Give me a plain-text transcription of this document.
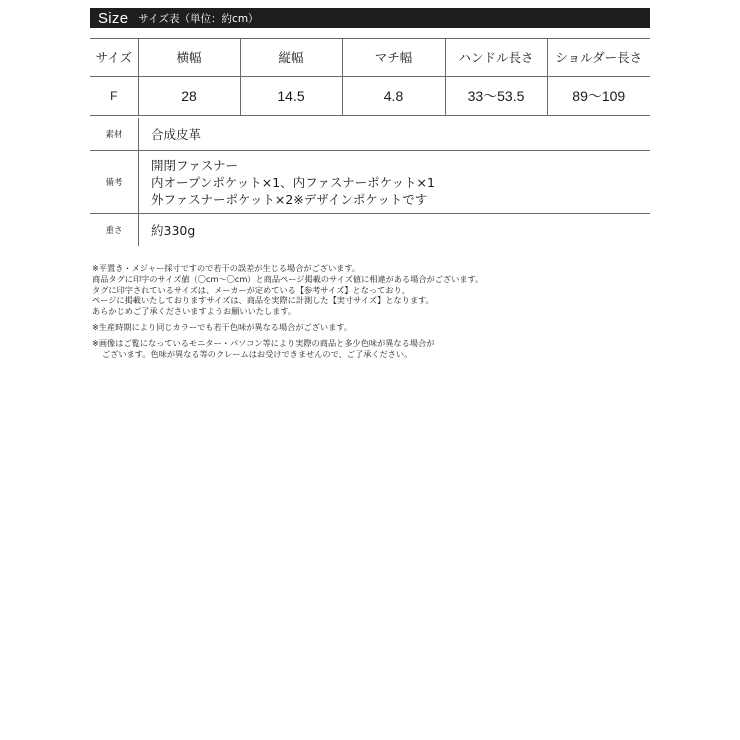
Size サイズ表（単位：約cm）
サイズ	横幅	縦幅	マチ幅	ハンドル長さ	ショルダー長さ
F	28	14.5	4.8	33〜53.5	89〜109
素材	合成皮革
備考	開閉ファスナー
内オープンポケット×1、内ファスナーポケット×1
外ファスナーポケット×2※デザインポケットです

重さ	約330g

※平置き・メジャー採寸ですので若干の誤差が生じる場合がございます。

商品タグに印字のサイズ値（〇cm〜〇cm）と商品ページ掲載のサイズ値に相違がある場合がございます。

タグに印字されているサイズは、メーカーが定めている【参考サイズ】となっており、

ページに掲載いたしておりますサイズは、商品を実際に計測した【実寸サイズ】となります。

あらかじめご了承くださいますようお願いいたします。

※生産時期により同じカラーでも若干色味が異なる場合がございます。

※画像はご覧になっているモニター・パソコン等により実際の商品と多少色味が異なる場合が

ございます。色味が異なる等のクレームはお受けできませんので、ご了承ください。
